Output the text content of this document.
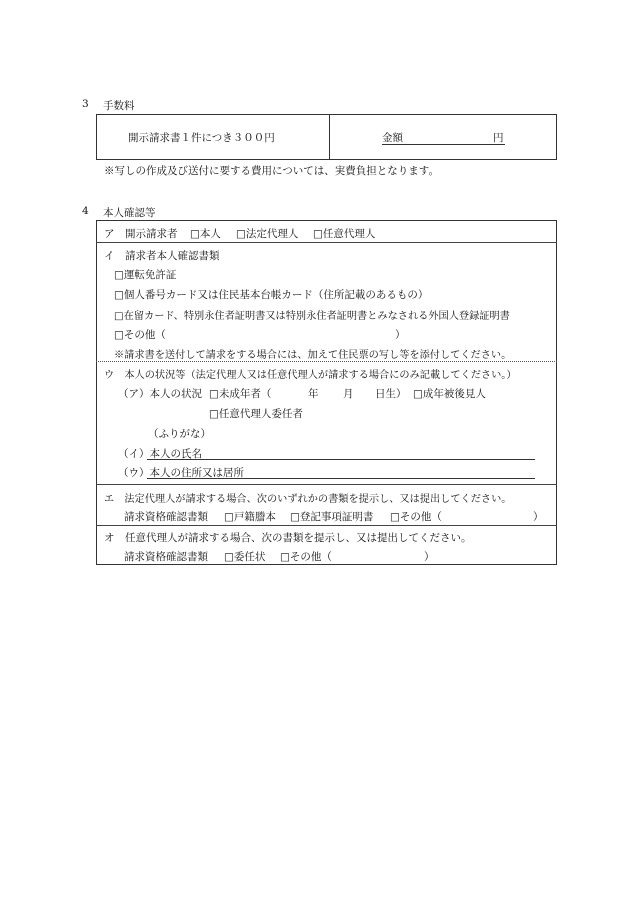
3 手数料
開示請求書１件につき３００円	金額	円
※写しの作成及び送付に要する費用については、実費負担となります。
4 本人確認等
ア　開示請求者 □本人 □法定代理人 □任意代理人
イ　請求者本人確認書類
□運転免許証
□個人番号カード又は住民基本台帳カード（住所記載のあるもの）
□在留カード、特別永住者証明書又は特別永住者証明書とみなされる外国人登録証明書
□その他（	）
※請求書を送付して請求をする場合には、加えて住民票の写し等を添付してください。
ウ　本人の状況等（法定代理人又は任意代理人が請求する場合にのみ記載してください。）
（ア）本人の状況 □未成年者（	年 月 日生） □成年被後見人
□任意代理人委任者
（ふりがな）
（イ）本人の氏名
（ウ）本人の住所又は居所
エ　法定代理人が請求する場合、次のいずれかの書類を提示し、又は提出してください。
請求資格確認書類 □戸籍謄本 □登記事項証明書 □その他（	）
オ　任意代理人が請求する場合、次の書類を提示し、又は提出してください。
請求資格確認書類 □委任状 □その他（	）
